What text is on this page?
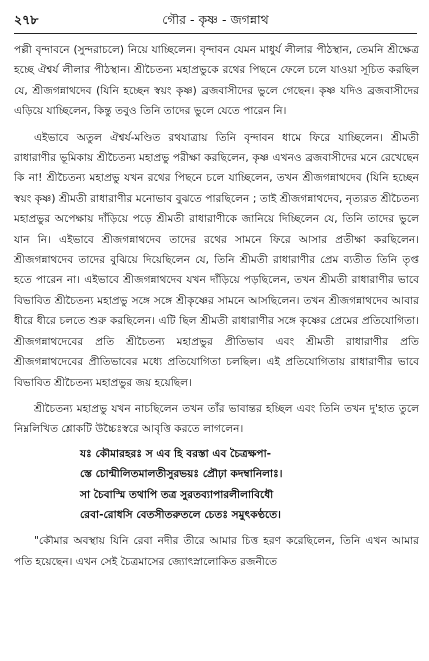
২৭৮	গৌর - কৃষ্ণ - জগন্নাথ

পল্লী বৃন্দাবনে (সুন্দরাচলে) নিয়ে যাচ্ছিলেন। বৃন্দাবন যেমন মাধুর্য লীলার পীঠস্থান, তেমনি শ্রীক্ষেত্র হচ্ছে ঐশ্বর্য লীলার পীঠস্থান। শ্রীচৈতন্য মহাপ্রভুকে রথের পিছনে ফেলে চলে যাওয়া সূচিত করছিল যে, শ্রীজগন্নাথদেব (যিনি হচ্ছেন স্বয়ং কৃষ্ণ) ব্রজবাসীদের ভুলে গেছেন। কৃষ্ণ যদিও ব্রজবাসীদের এড়িয়ে যাচ্ছিলেন, কিন্তু তবুও তিনি তাদের ভুলে যেতে পারেন নি।

এইভাবে অতুল ঐশ্বর্য-মণ্ডিত রথযাত্রায় তিনি বৃন্দাবন ধামে ফিরে যাচ্ছিলেন। শ্রীমতী রাধারাণীর ভূমিকায় শ্রীচৈতন্য মহাপ্রভু পরীক্ষা করছিলেন, কৃষ্ণ এখনও ব্রজবাসীদের মনে রেখেছেন কি না! শ্রীচৈতন্য মহাপ্রভু যখন রথের পিছনে চলে যাচ্ছিলেন, তখন শ্রীজগন্নাথদেব (যিনি হচ্ছেন স্বয়ং কৃষ্ণ) শ্রীমতী রাধারাণীর মনোভাব বুঝতে পারছিলেন ; তাই শ্রীজগন্নাথদেব, নৃত্যরত শ্রীচৈতন্য মহাপ্রভুর অপেক্ষায় দাঁড়িয়ে পড়ে শ্রীমতী রাধারাণীকে জানিয়ে দিচ্ছিলেন যে, তিনি তাদের ভুলে যান নি। এইভাবে শ্রীজগন্নাথদেব তাদের রথের সামনে ফিরে আসার প্রতীক্ষা করছিলেন। শ্রীজগন্নাথদেব তাদের বুঝিয়ে দিয়েছিলেন যে, তিনি শ্রীমতী রাধারাণীর প্রেম ব্যতীত তিনি তৃপ্ত হতে পারেন না। এইভাবে শ্রীজগন্নাথদেব যখন দাঁড়িয়ে পড়ছিলেন, তখন শ্রীমতী রাধারাণীর ভাবে বিভাবিত শ্রীচৈতন্য মহাপ্রভু সঙ্গে সঙ্গে শ্রীকৃষ্ণের সামনে আসছিলেন। তখন শ্রীজগন্নাথদেব আবার ধীরে ধীরে চলতে শুরু করছিলেন। এটি ছিল শ্রীমতী রাধারাণীর সঙ্গে কৃষ্ণের প্রেমের প্রতিযোগিতা। শ্রীজগন্নাথদেবের প্রতি শ্রীচৈতন্য মহাপ্রভুর প্রীতিভাব এবং শ্রীমতী রাধারাণীর প্রতি শ্রীজগন্নাথদেবের প্রীতিভাবের মধ্যে প্রতিযোগিতা চলছিল। এই প্রতিযোগিতায় রাধারাণীর ভাবে বিভাবিত শ্রীচৈতন্য মহাপ্রভুর জয় হয়েছিল।

শ্রীচৈতন্য মহাপ্রভু যখন নাচছিলেন তখন তাঁর ভাবান্তর হচ্ছিল এবং তিনি তখন দু'হাত তুলে নিম্নলিখিত শ্লোকটি উচ্চৈঃস্বরে আবৃত্তি করতে লাগলেন।

যঃ কৌমারহরঃ স এব হি বরস্তা এব চৈত্রক্ষপা-
স্তে চোন্মীলিতমালতীসুরভয়ঃ প্রৌঢ়া কদম্বানিলাঃ।
সা চৈবাস্মি তথাপি তত্র সুরতব্যাপারলীলাবিধৌ
রেবা-রোধসি বেতসীতরুতলে চেতঃ সমুৎকণ্ঠতে।

"কৌমার অবস্থায় যিনি রেবা নদীর তীরে আমার চিত্ত হরণ করেছিলেন, তিনি এখন আমার পতি হয়েছেন। এখন সেই চৈত্রমাসের জ্যোৎস্নালোকিত রজনীতে
